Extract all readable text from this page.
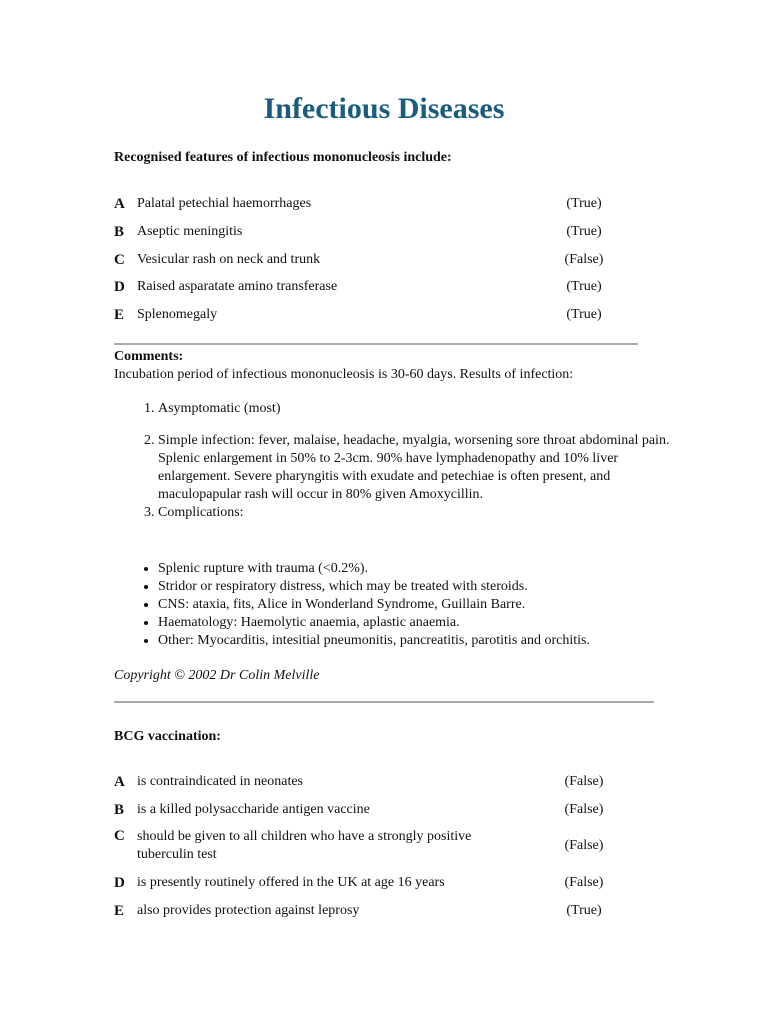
Infectious Diseases
Recognised features of infectious mononucleosis include:
A Palatal petechial haemorrhages	(True)
B Aseptic meningitis	(True)
C Vesicular rash on neck and trunk	(False)
D Raised asparatate amino transferase	(True)
E Splenomegaly	(True)
Comments:
Incubation period of infectious mononucleosis is 30-60 days. Results of infection:
1. Asymptomatic (most)
2. Simple infection: fever, malaise, headache, myalgia, worsening sore throat abdominal pain. Splenic enlargement in 50% to 2-3cm. 90% have lymphadenopathy and 10% liver enlargement. Severe pharyngitis with exudate and petechiae is often present, and maculopapular rash will occur in 80% given Amoxycillin.
3. Complications:
• Splenic rupture with trauma (<0.2%).
• Stridor or respiratory distress, which may be treated with steroids.
• CNS: ataxia, fits, Alice in Wonderland Syndrome, Guillain Barre.
• Haematology: Haemolytic anaemia, aplastic anaemia.
• Other: Myocarditis, intesitial pneumonitis, pancreatitis, parotitis and orchitis.
Copyright © 2002 Dr Colin Melville
BCG vaccination:
A is contraindicated in neonates	(False)
B is a killed polysaccharide antigen vaccine	(False)
C should be given to all children who have a strongly positive tuberculin test
(False)
D is presently routinely offered in the UK at age 16 years	(False)
E also provides protection against leprosy	(True)
